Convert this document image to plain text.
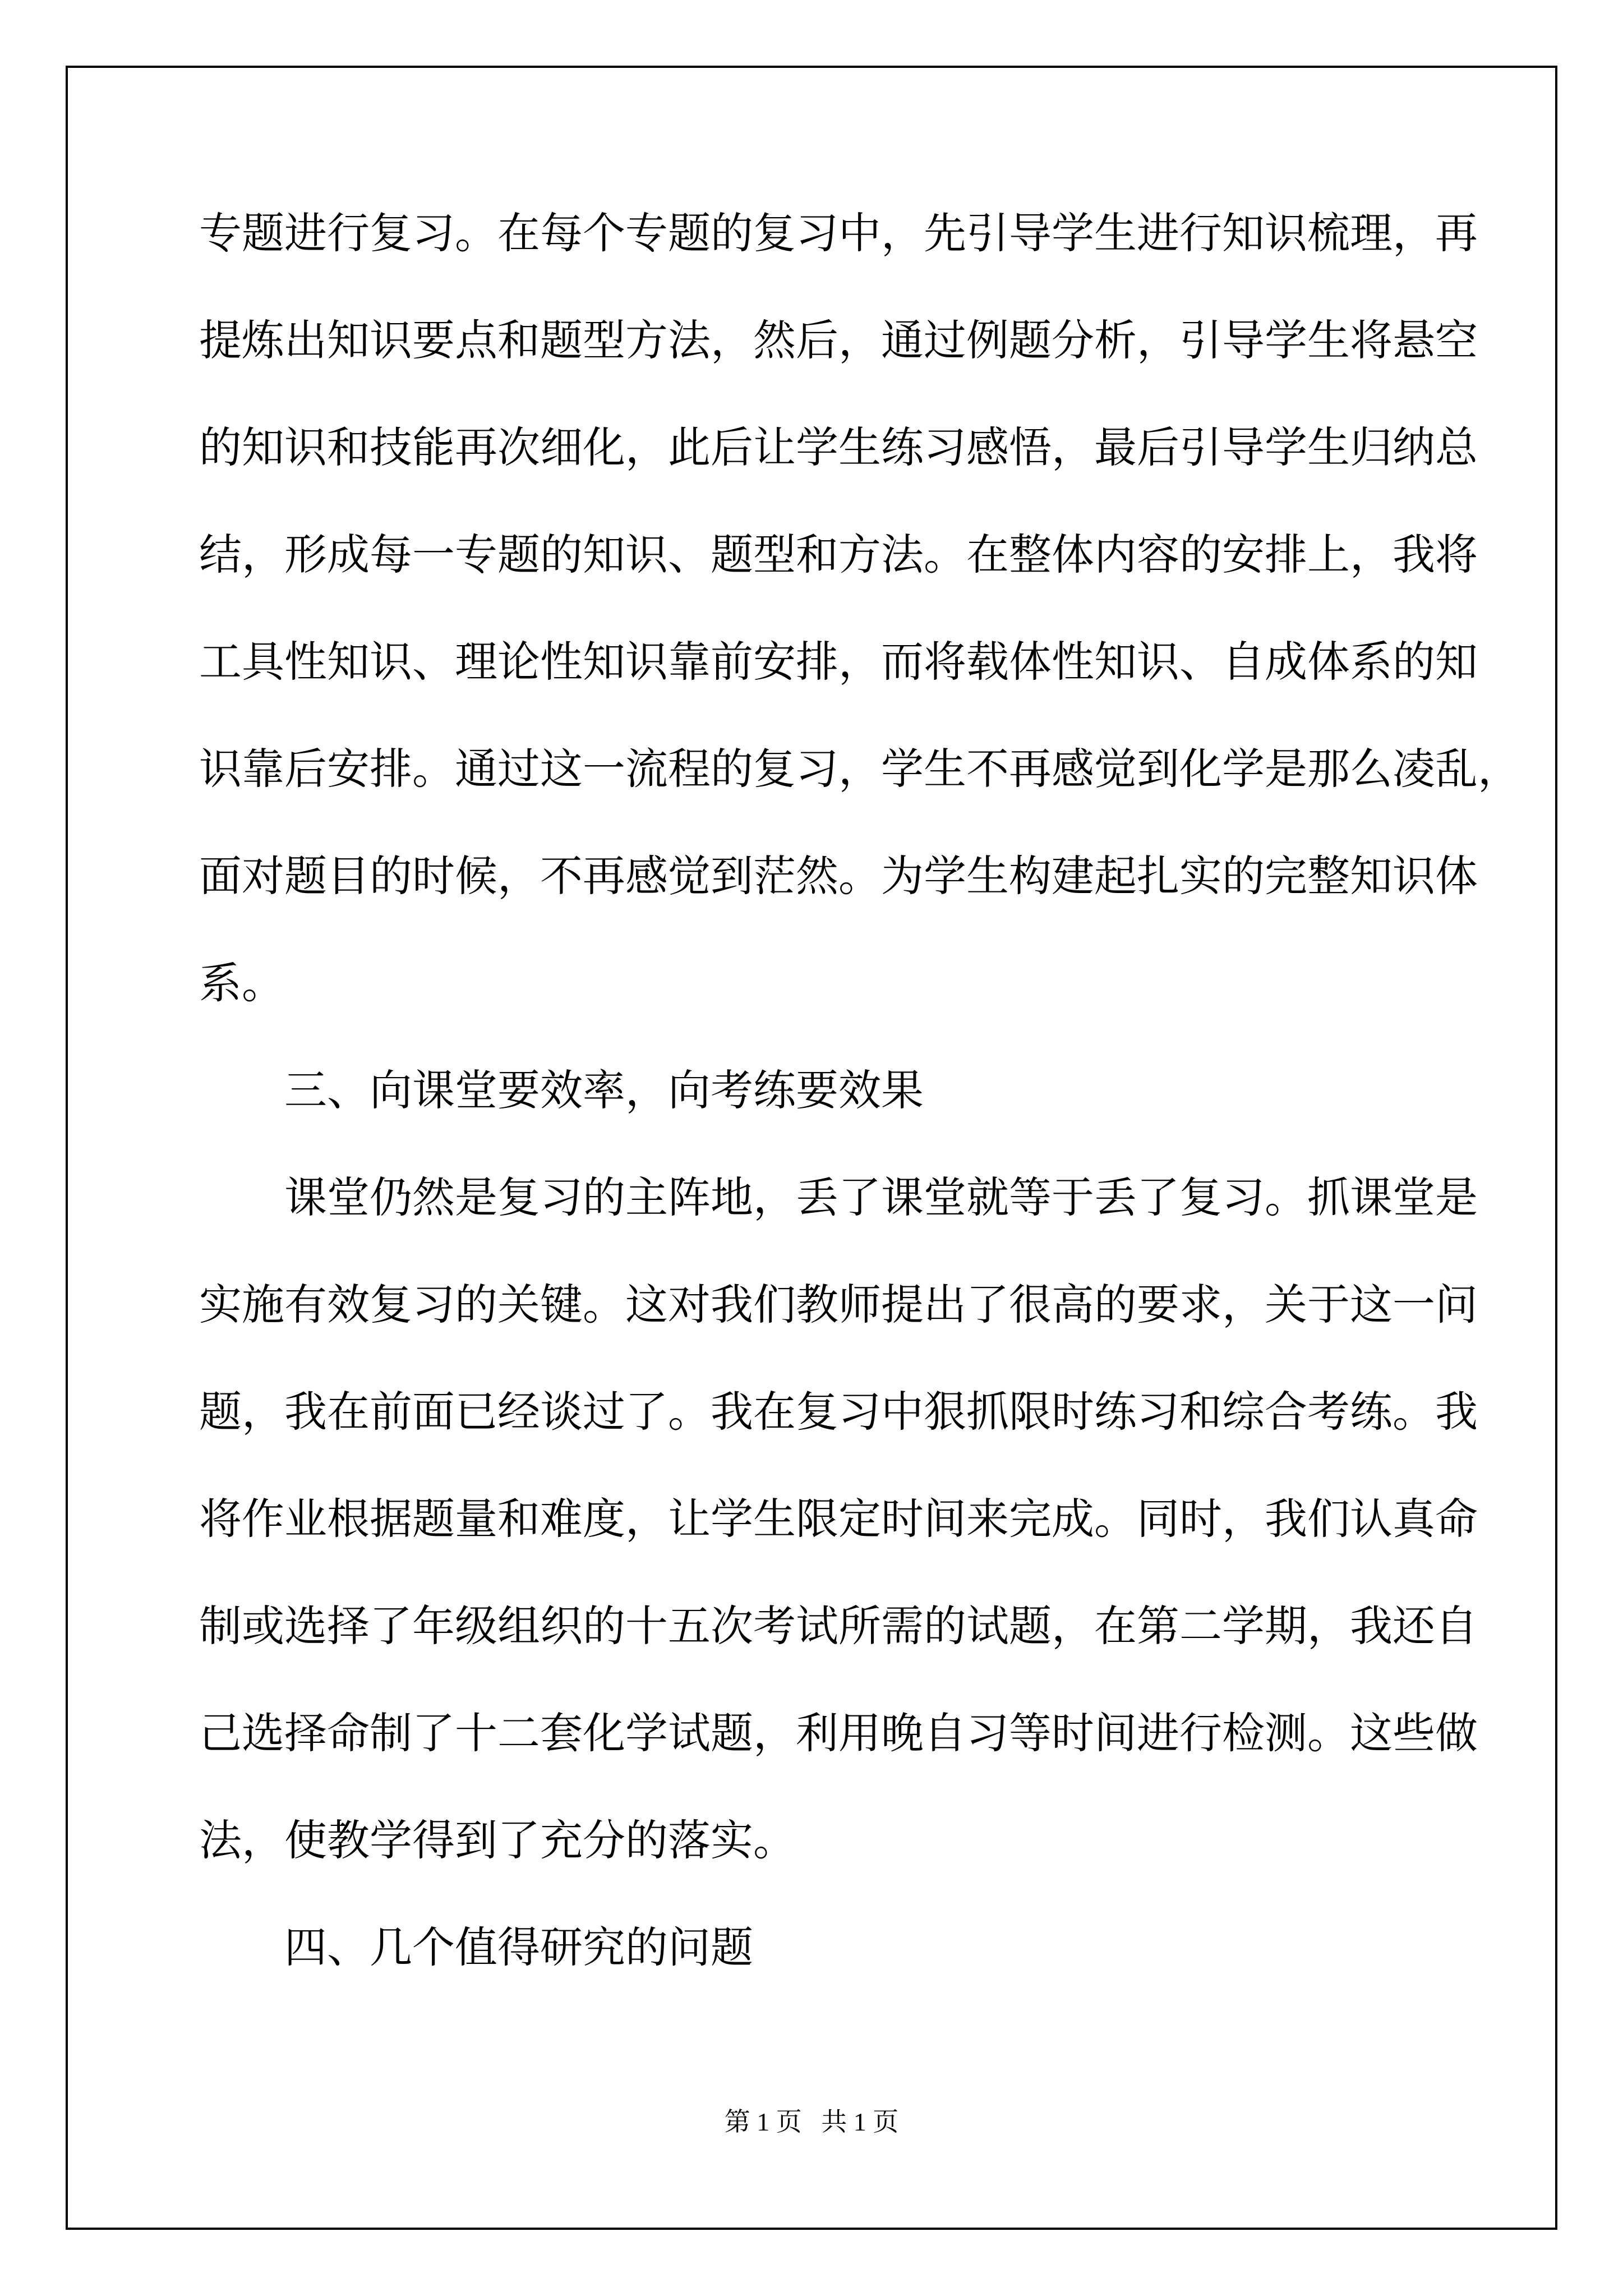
专题进行复习。在每个专题的复习中，先引导学生进行知识梳理，再
提炼出知识要点和题型方法，然后，通过例题分析，引导学生将悬空
的知识和技能再次细化，此后让学生练习感悟，最后引导学生归纳总
结，形成每一专题的知识、题型和方法。在整体内容的安排上，我将
工具性知识、理论性知识靠前安排，而将载体性知识、自成体系的知
识靠后安排。通过这一流程的复习，学生不再感觉到化学是那么凌乱，
面对题目的时候，不再感觉到茫然。为学生构建起扎实的完整知识体
系。
三、向课堂要效率，向考练要效果
课堂仍然是复习的主阵地，丢了课堂就等于丢了复习。抓课堂是
实施有效复习的关键。这对我们教师提出了很高的要求，关于这一问
题，我在前面已经谈过了。我在复习中狠抓限时练习和综合考练。我
将作业根据题量和难度，让学生限定时间来完成。同时，我们认真命
制或选择了年级组织的十五次考试所需的试题，在第二学期，我还自
己选择命制了十二套化学试题，利用晚自习等时间进行检测。这些做
法，使教学得到了充分的落实。
四、几个值得研究的问题
第 1 页   共 1 页
